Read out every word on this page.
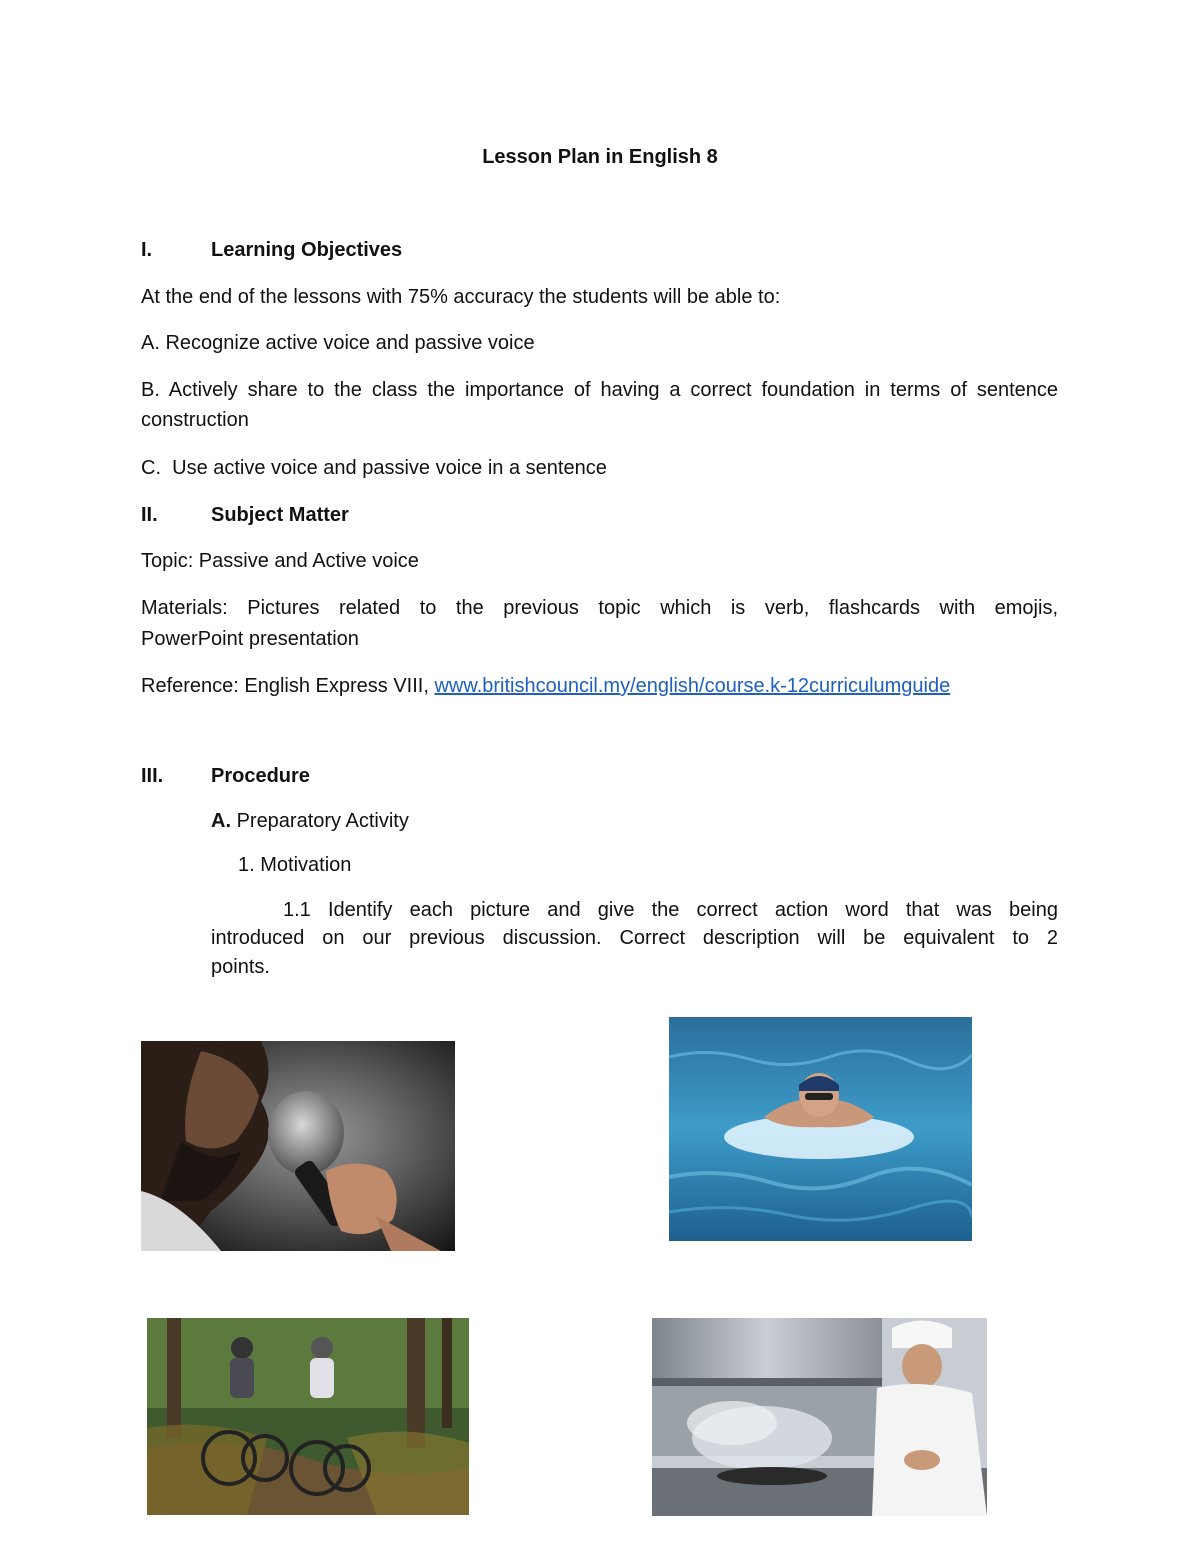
Lesson Plan in English 8
I.	Learning Objectives
At the end of the lessons with 75% accuracy the students will be able to:
A. Recognize active voice and passive voice
B. Actively share to the class the importance of having a correct foundation in terms of sentence
construction
C. Use active voice and passive voice in a sentence
II.	Subject Matter
Topic: Passive and Active voice
Materials: Pictures related to the previous topic which is verb, flashcards with emojis,
PowerPoint presentation
Reference: English Express VIII, www.britishcouncil.my/english/course.k-12curriculumguide
III. Procedure
A. Preparatory Activity
1. Motivation
1.1 Identify each picture and give the correct action word that was being
introduced on our previous discussion. Correct description will be equivalent to 2
points.
